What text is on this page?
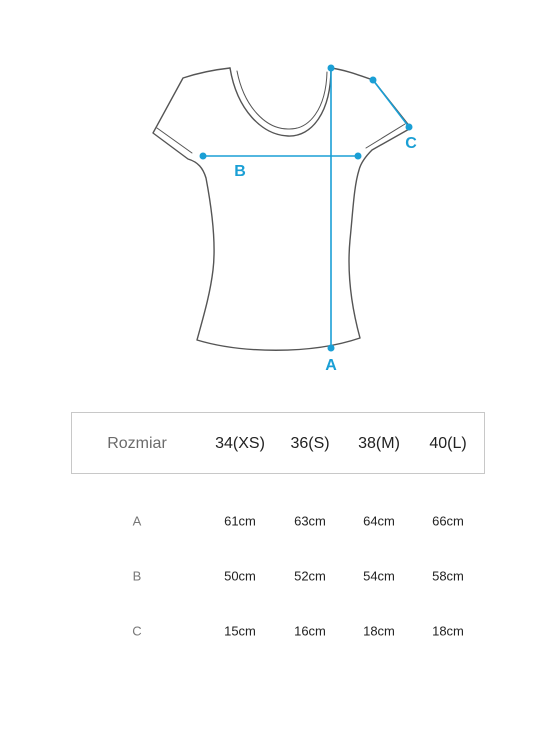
A
B
C
Rozmiar	34(XS) 36(S) 38(M) 40(L)
A	61cm	63cm	64cm	66cm
B	50cm	52cm	54cm	58cm
C	15cm	16cm	18cm	18cm
